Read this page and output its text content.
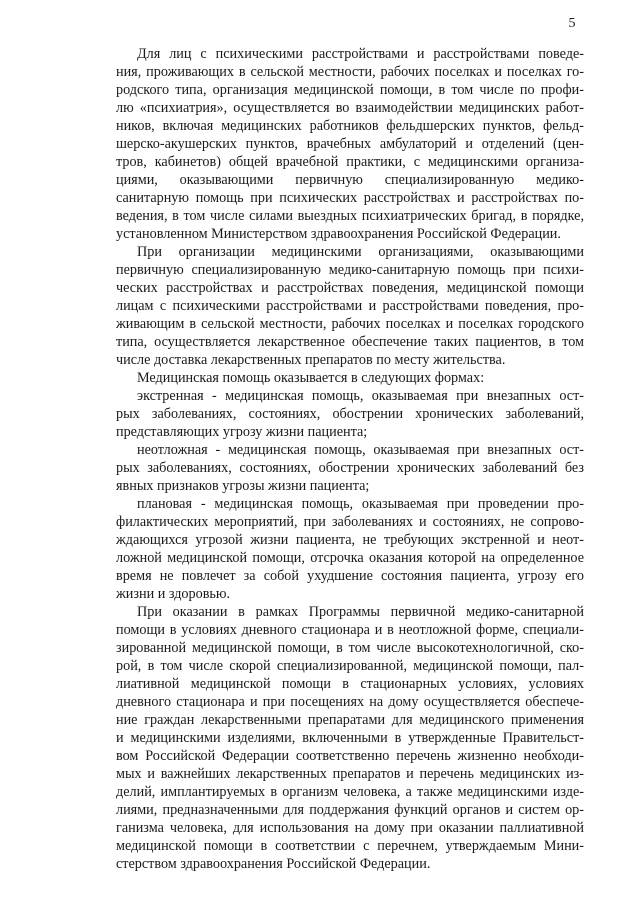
5
Для лиц с психическими расстройствами и расстройствами поведе-
ния, проживающих в сельской местности, рабочих поселках и поселках го-
родского типа, организация медицинской помощи, в том числе по профи-
лю «психиатрия», осуществляется во взаимодействии медицинских работ-
ников, включая медицинских работников фельдшерских пунктов, фельд-
шерско-акушерских пунктов, врачебных амбулаторий и отделений (цен-
тров, кабинетов) общей врачебной практики, с медицинскими организа-
циями, оказывающими первичную специализированную медико-
санитарную помощь при психических расстройствах и расстройствах по-
ведения, в том числе силами выездных психиатрических бригад, в порядке,
установленном Министерством здравоохранения Российской Федерации.
При организации медицинскими организациями, оказывающими
первичную специализированную медико-санитарную помощь при психи-
ческих расстройствах и расстройствах поведения, медицинской помощи
лицам с психическими расстройствами и расстройствами поведения, про-
живающим в сельской местности, рабочих поселках и поселках городского
типа, осуществляется лекарственное обеспечение таких пациентов, в том
числе доставка лекарственных препаратов по месту жительства.
Медицинская помощь оказывается в следующих формах:
экстренная - медицинская помощь, оказываемая при внезапных ост-
рых заболеваниях, состояниях, обострении хронических заболеваний,
представляющих угрозу жизни пациента;
неотложная - медицинская помощь, оказываемая при внезапных ост-
рых заболеваниях, состояниях, обострении хронических заболеваний без
явных признаков угрозы жизни пациента;
плановая - медицинская помощь, оказываемая при проведении про-
филактических мероприятий, при заболеваниях и состояниях, не сопрово-
ждающихся угрозой жизни пациента, не требующих экстренной и неот-
ложной медицинской помощи, отсрочка оказания которой на определенное
время не повлечет за собой ухудшение состояния пациента, угрозу его
жизни и здоровью.
При оказании в рамках Программы первичной медико-санитарной
помощи в условиях дневного стационара и в неотложной форме, специали-
зированной медицинской помощи, в том числе высокотехнологичной, ско-
рой, в том числе скорой специализированной, медицинской помощи, пал-
лиативной медицинской помощи в стационарных условиях, условиях
дневного стационара и при посещениях на дому осуществляется обеспече-
ние граждан лекарственными препаратами для медицинского применения
и медицинскими изделиями, включенными в утвержденные Правительст-
вом Российской Федерации соответственно перечень жизненно необходи-
мых и важнейших лекарственных препаратов и перечень медицинских из-
делий, имплантируемых в организм человека, а также медицинскими изде-
лиями, предназначенными для поддержания функций органов и систем ор-
ганизма человека, для использования на дому при оказании паллиативной
медицинской помощи в соответствии с перечнем, утверждаемым Мини-
стерством здравоохранения Российской Федерации.
